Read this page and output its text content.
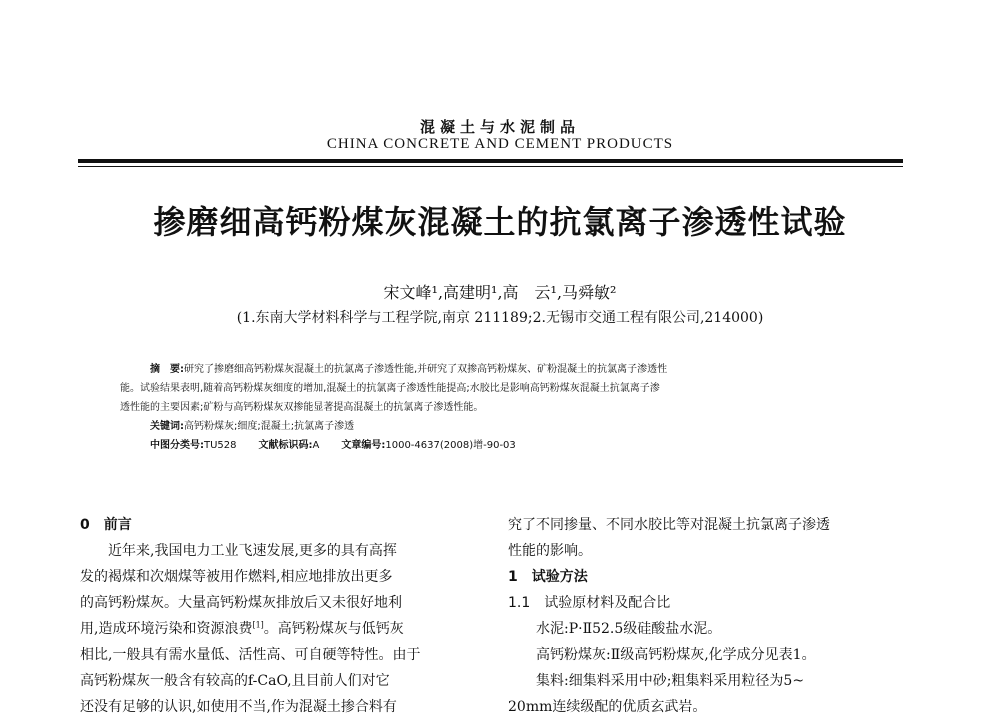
混凝土与水泥制品
CHINA CONCRETE AND CEMENT PRODUCTS
掺磨细高钙粉煤灰混凝土的抗氯离子渗透性试验
宋文峰¹,高建明¹,高　云¹,马舜敏²
(1.东南大学材料科学与工程学院,南京 211189;2.无锡市交通工程有限公司,214000)

摘　要:研究了掺磨细高钙粉煤灰混凝土的抗氯离子渗透性能,并研究了双掺高钙粉煤灰、矿粉混凝土的抗氯离子渗透性

能。试验结果表明,随着高钙粉煤灰细度的增加,混凝土的抗氯离子渗透性能提高;水胶比是影响高钙粉煤灰混凝土抗氯离子渗

透性能的主要因素;矿粉与高钙粉煤灰双掺能显著提高混凝土的抗氯离子渗透性能。

关键词:高钙粉煤灰;细度;混凝土;抗氯离子渗透

中图分类号:TU528 文献标识码:A 文章编号:1000-4637(2008)增-90-03

0　前言

近年来,我国电力工业飞速发展,更多的具有高挥

发的褐煤和次烟煤等被用作燃料,相应地排放出更多

的高钙粉煤灰。大量高钙粉煤灰排放后又未很好地利

用,造成环境污染和资源浪费[1]。高钙粉煤灰与低钙灰

相比,一般具有需水量低、活性高、可自硬等特性。由于

高钙粉煤灰一般含有较高的f-CaO,且目前人们对它

还没有足够的认识,如使用不当,作为混凝土掺合料有

究了不同掺量、不同水胶比等对混凝土抗氯离子渗透

性能的影响。

1　试验方法

1.1　试验原材料及配合比

水泥:P·Ⅱ52.5级硅酸盐水泥。

高钙粉煤灰:Ⅱ级高钙粉煤灰,化学成分见表1。

集料:细集料采用中砂;粗集料采用粒径为5~

20mm连续级配的优质玄武岩。
